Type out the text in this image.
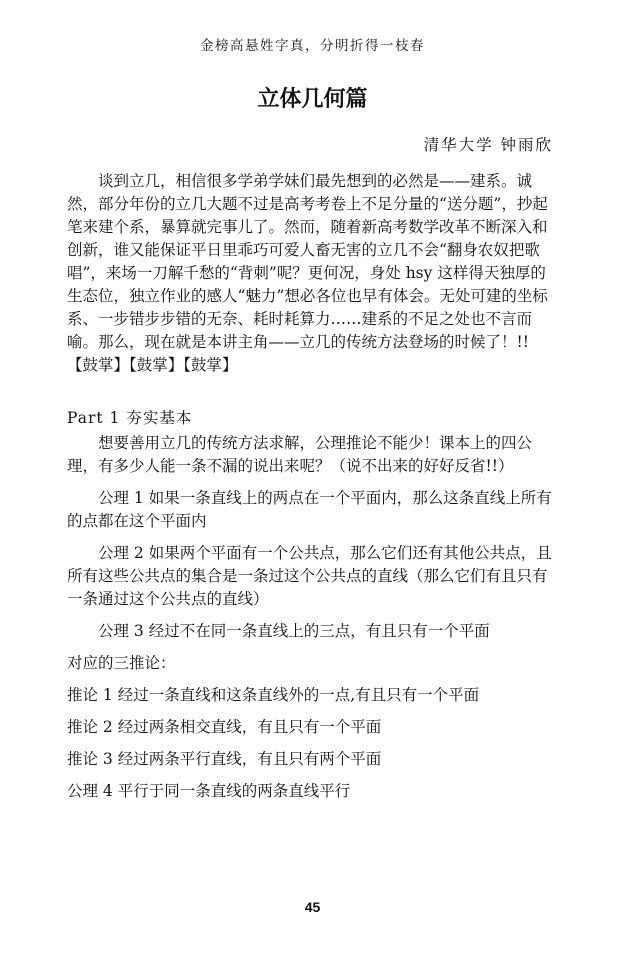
金榜高悬姓字真，分明折得一枝春
立体几何篇
清华大学 钟雨欣

谈到立几，相信很多学弟学妹们最先想到的必然是——建系。诚然，部分年份的立几大题不过是高考考卷上不足分量的“送分题”，抄起笔来建个系，暴算就完事儿了。然而，随着新高考数学改革不断深入和创新，谁又能保证平日里乖巧可爱人畜无害的立几不会“翻身农奴把歌唱”，来场一刀解千愁的“背刺”呢？更何况，身处 hsy 这样得天独厚的生态位，独立作业的感人“魅力”想必各位也早有体会。无处可建的坐标系、一步错步步错的无奈、耗时耗算力……建系的不足之处也不言而喻。那么，现在就是本讲主角——立几的传统方法登场的时候了！!!【鼓掌】【鼓掌】【鼓掌】

Part 1 夯实基本

想要善用立几的传统方法求解，公理推论不能少！课本上的四公理，有多少人能一条不漏的说出来呢？（说不出来的好好反省!!）

公理 1 如果一条直线上的两点在一个平面内，那么这条直线上所有的点都在这个平面内

公理 2 如果两个平面有一个公共点，那么它们还有其他公共点，且所有这些公共点的集合是一条过这个公共点的直线（那么它们有且只有一条通过这个公共点的直线）

公理 3 经过不在同一条直线上的三点，有且只有一个平面

对应的三推论：

推论 1 经过一条直线和这条直线外的一点,有且只有一个平面

推论 2 经过两条相交直线，有且只有一个平面

推论 3 经过两条平行直线，有且只有两个平面

公理 4 平行于同一条直线的两条直线平行

45
